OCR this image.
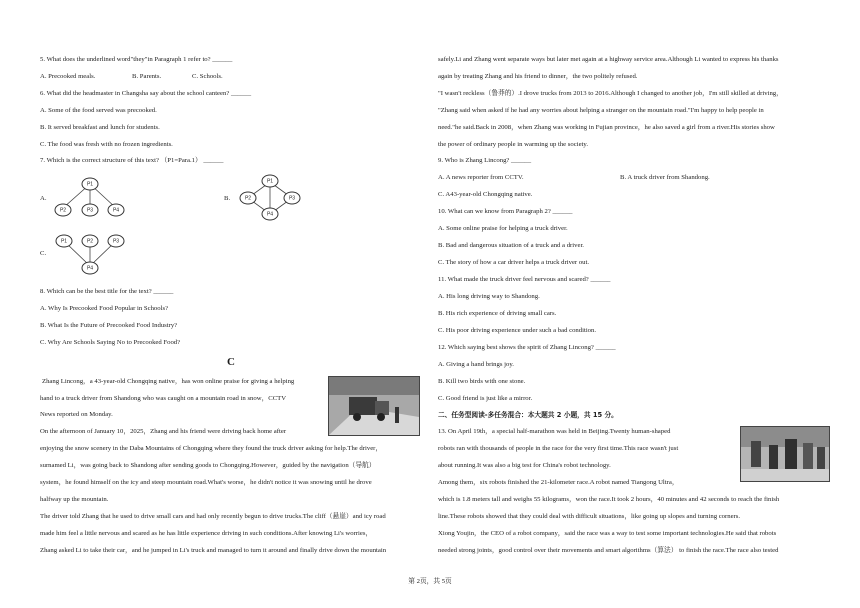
5. What does the underlined word"they"in Paragraph 1 refer to? ______
A. Precooked meals.	B. Parents.	C. Schools.
6. What did the headmaster in Changsha say about the school canteen? ______
A. Some of the food served was precooked.
B. It served breakfast and lunch for students.
C. The food was fresh with no frozen ingredients.
7. Which is the correct structure of this text? （P1=Para.1） ______
A.
P1
P2	P3	P4
B.
P1
P2	P3
P4
C.
P1	P2	P3
P4
8. Which can be the best title for the text? ______
A. Why Is Precooked Food Popular in Schools?
B. What Is the Future of Precooked Food Industry?
C. Why Are Schools Saying No to Precooked Food?
C
Zhang Lincong，a 43-year-old Chongqing native，has won online praise for giving a helping
hand to a truck driver from Shandong who was caught on a mountain road in snow，CCTV
News reported on Monday.
On the afternoon of January 10，2025，Zhang and his friend were driving back home after
enjoying the snow scenery in the Daba Mountains of Chongqing where they found the truck driver asking for help.The driver，
surnamed Li，was going back to Shandong after sending goods to Chongqing.However，guided by the navigation（导航）
system，he found himself on the icy and steep mountain road.What's worse，he didn't notice it was snowing until he drove
halfway up the mountain.
The driver told Zhang that he used to drive small cars and had only recently begun to drive trucks.The cliff（悬崖）and icy road
made him feel a little nervous and scared as he has little experience driving in such conditions.After knowing Li's worries，
Zhang asked Li to take their car，and he jumped in Li's truck and managed to turn it around and finally drive down the mountain
safely.Li and Zhang went separate ways but later met again at a highway service area.Although Li wanted to express his thanks
again by treating Zhang and his friend to dinner，the two politely refused.
"I wasn't reckless（鲁莽的）.I drove trucks from 2013 to 2016.Although I changed to another job，I'm still skilled at driving，
"Zhang said when asked if he had any worries about helping a stranger on the mountain road."I'm happy to help people in
need."he said.Back in 2008，when Zhang was working in Fujian province，he also saved a girl from a river.His stories show
the power of ordinary people in warming up the society.
9. Who is Zhang Lincong? ______
A. A news reporter from CCTV.	B. A truck driver from Shandong.
C. A43-year-old Chongqing native.
10. What can we know from Paragraph 2? ______
A. Some online praise for helping a truck driver.
B. Bad and dangerous situation of a truck and a driver.
C. The story of how a car driver helps a truck driver out.
11. What made the truck driver feel nervous and scared? ______
A. His long driving way to Shandong.
B. His rich experience of driving small cars.
C. His poor driving experience under such a bad condition.
12. Which saying best shows the spirit of Zhang Lincong? ______
A. Giving a hand brings joy.
B. Kill two birds with one stone.
C. Good friend is just like a mirror.
二、任务型阅读-多任务混合：本大题共 2 小题，共 15 分。
13. On April 19th，a special half-marathon was held in Beijing.Twenty human-shaped
robots ran with thousands of people in the race for the very first time.This race wasn't just
about running.It was also a big test for China's robot technology.
Among them，six robots finished the 21-kilometer race.A robot named Tiangong Ultra，
which is 1.8 meters tall and weighs 55 kilograms，won the race.It took 2 hours，40 minutes and 42 seconds to reach the finish
line.These robots showed that they could deal with difficult situations，like going up slopes and turning corners.
Xiong Youjin，the CEO of a robot company，said the race was a way to test some important technologies.He said that robots
needed strong joints，good control over their movements and smart algorithms（算法） to finish the race.The race also tested
第 2页，共 5页
